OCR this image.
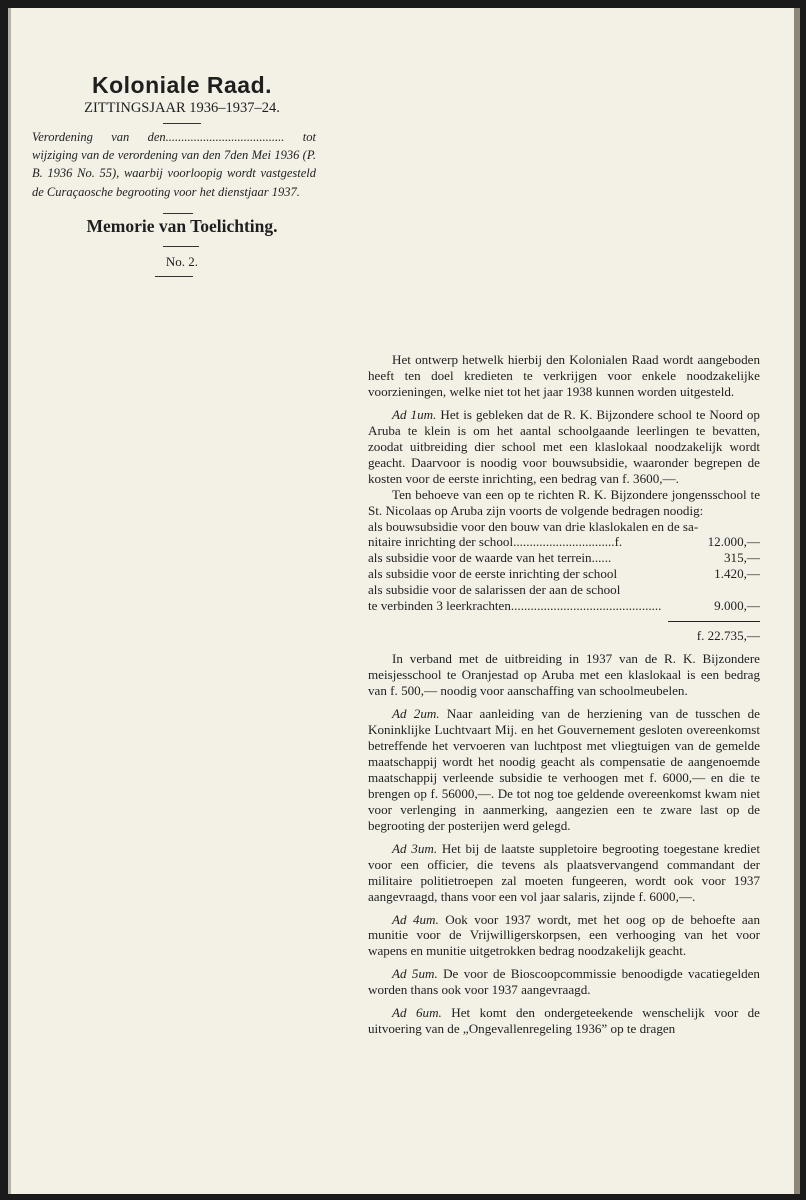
Koloniale Raad.
ZITTINGSJAAR 1936–1937–24.
Verordening van den...................................... tot wijziging van de verordening van den 7den Mei 1936 (P. B. 1936 No. 55), waarbij voorloopig wordt vastgesteld de Curaçaosche begrooting voor het dienstjaar 1937.
Memorie van Toelichting.
No. 2.

Het ontwerp hetwelk hierbij den Kolonialen Raad wordt aangeboden heeft ten doel kredieten te verkrijgen voor enkele noodzakelijke voorzieningen, welke niet tot het jaar 1938 kunnen worden uitgesteld.

Ad 1um. Het is gebleken dat de R. K. Bijzondere school te Noord op Aruba te klein is om het aantal schoolgaande leerlingen te bevatten, zoodat uitbreiding dier school met een klaslokaal noodzakelijk wordt geacht. Daarvoor is noodig voor bouwsubsidie, waaronder begrepen de kosten voor de eerste inrichting, een bedrag van f. 3600,—.

Ten behoeve van een op te richten R. K. Bijzondere jongensschool te St. Nicolaas op Aruba zijn voorts de volgende bedragen noodig:

als bouwsubsidie voor den bouw van drie klaslokalen en de sa-

nitaire inrichting der school...............................f.	12.000,—
als subsidie voor de waarde van het terrein......	315,—
als subsidie voor de eerste inrichting der school	1.420,—

als subsidie voor de salarissen der aan de school

te verbinden 3 leerkrachten..............................................	9.000,—
f. 22.735,—

In verband met de uitbreiding in 1937 van de R. K. Bijzondere meisjesschool te Oranjestad op Aruba met een klaslokaal is een bedrag van f. 500,— noodig voor aanschaffing van schoolmeubelen.

Ad 2um. Naar aanleiding van de herziening van de tusschen de Koninklijke Luchtvaart Mij. en het Gouvernement gesloten overeenkomst betreffende het vervoeren van luchtpost met vliegtuigen van de gemelde maatschappij wordt het noodig geacht als compensatie de aangenoemde maatschappij verleende subsidie te verhoogen met f. 6000,— en die te brengen op f. 56000,—. De tot nog toe geldende overeenkomst kwam niet voor verlenging in aanmerking, aangezien een te zware last op de begrooting der posterijen werd gelegd.

Ad 3um. Het bij de laatste suppletoire begrooting toegestane krediet voor een officier, die tevens als plaatsvervangend commandant der militaire politietroepen zal moeten fungeeren, wordt ook voor 1937 aangevraagd, thans voor een vol jaar salaris, zijnde f. 6000,—.

Ad 4um. Ook voor 1937 wordt, met het oog op de behoefte aan munitie voor de Vrijwilligerskorpsen, een verhooging van het voor wapens en munitie uitgetrokken bedrag noodzakelijk geacht.

Ad 5um. De voor de Bioscoopcommissie benoodigde vacatiegelden worden thans ook voor 1937 aangevraagd.

Ad 6um. Het komt den ondergeteekende wenschelijk voor de uitvoering van de „Ongevallenregeling 1936” op te dragen
